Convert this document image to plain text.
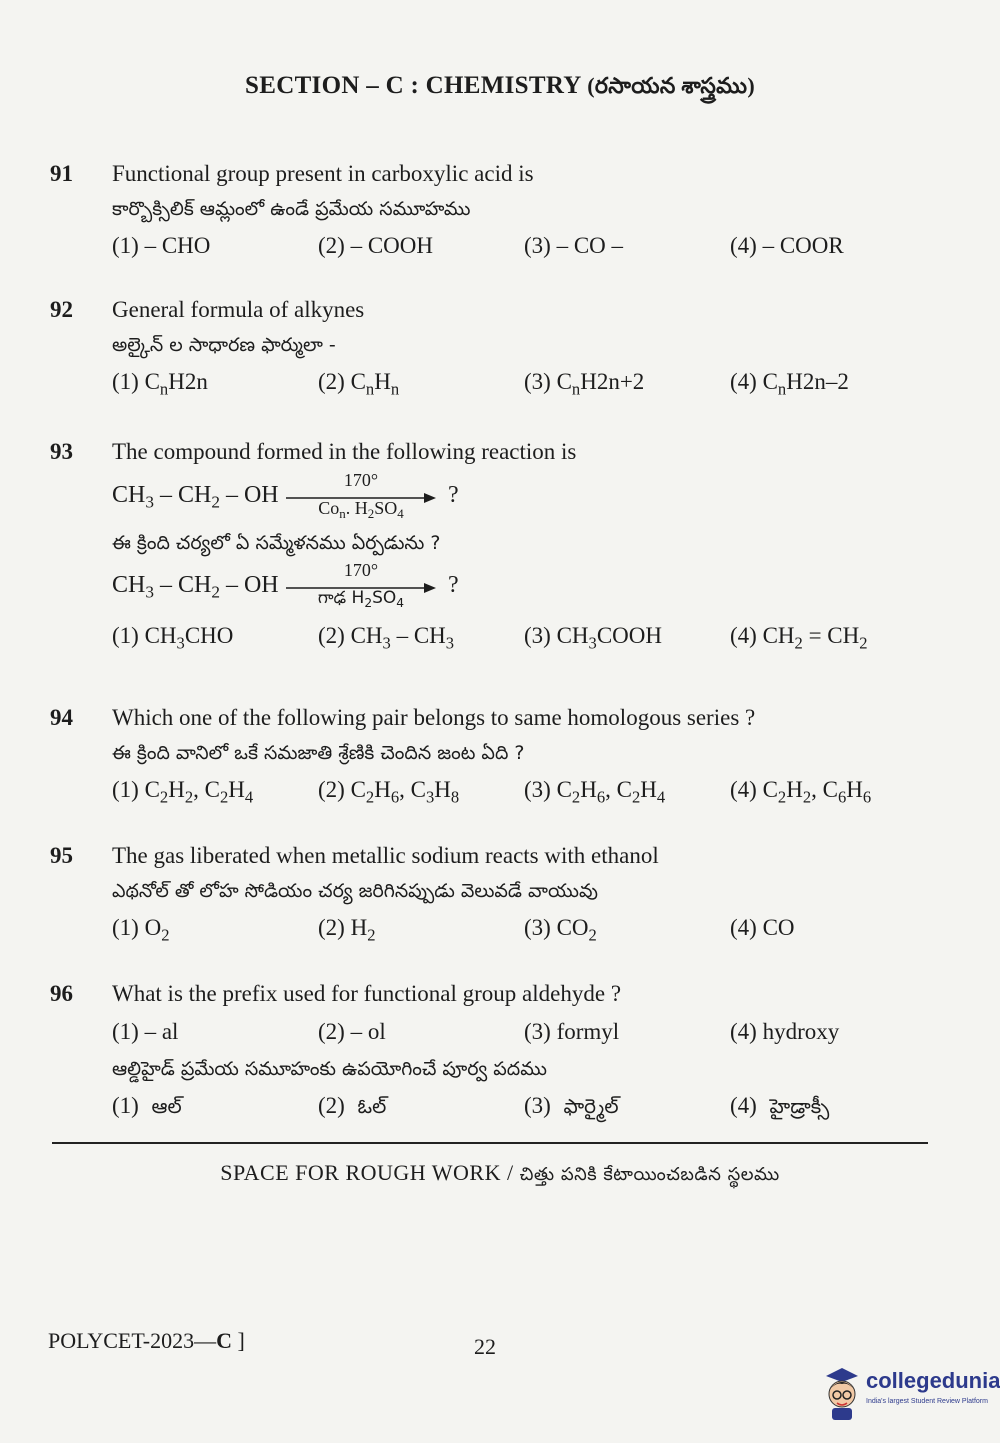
SECTION – C : CHEMISTRY (రసాయన శాస్త్రము)
91	Functional group present in carboxylic acid is
కార్బొక్సిలిక్ ఆమ్లంలో ఉండే ప్రమేయ సమూహము
(1) – CHO	(2) – COOH	(3) – CO –	(4) – COOR
92	General formula of alkynes
అల్కైన్ ల సాధారణ ఫార్ములా -
(1) $C_nH2n$	(2) $C_nH_n$	(3) $C_nH2n+2$	(4) $C_nH2n-2$
93	The compound formed in the following reaction is
$CH_3 - CH_2$ – OH
170°
$Co_n$. $H_2SO_4$
?
ఈ క్రింది చర్యలో ఏ సమ్మేళనము ఏర్పడును ?
$CH_3 - CH_2$ – OH
170°
గాఢ $H_2SO_4$
?
(1) $CH_3CHO$	(2) $CH_3 - CH_3$	(3) $CH_3COOH$	(4) $CH_2 = CH_2$
94	Which one of the following pair belongs to same homologous series ?
ఈ క్రింది వానిలో ఒకే సమజాతి శ్రేణికి చెందిన జంట ఏది ?
(1) $C_2H_2$, $C_2H_4$	(2) $C_2H_6$, $C_3H_8$	(3) $C_2H_6$, $C_2H_4$	(4) $C_2H_2$, $C_6H_6$
95	The gas liberated when metallic sodium reacts with ethanol
ఎథనోల్ తో లోహ సోడియం చర్య జరిగినప్పుడు వెలువడే వాయువు
(1) $O_2$	(2) $H_2$	(3) $CO_2$	(4) CO
96	What is the prefix used for functional group aldehyde ?
(1) – al	(2) – ol	(3) formyl	(4) hydroxy
ఆల్డిహైడ్ ప్రమేయ సమూహంకు ఉపయోగించే పూర్వ పదము
(1) ఆల్	(2) ఓల్	(3) ఫార్మైల్	(4) హైడ్రాక్సీ
SPACE FOR ROUGH WORK / చిత్తు పనికి కేటాయించబడిన స్థలము
POLYCET-2023—C ]	22
collegedunia
India's largest Student Review Platform
